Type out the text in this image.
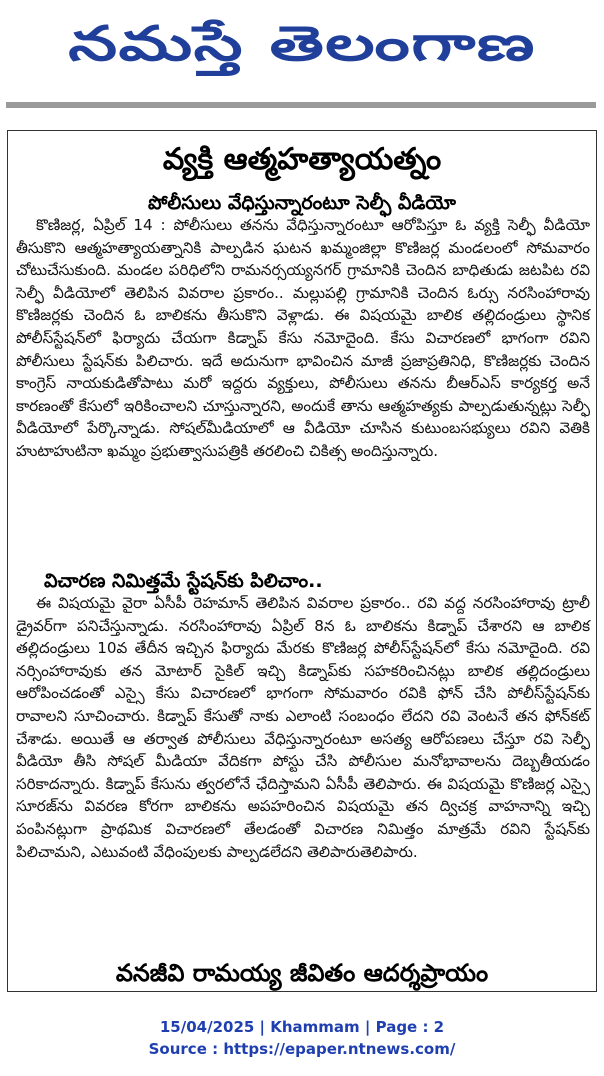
నమస్తే తెలంగాణ
వ్యక్తి ఆత్మహత్యాయత్నం
పోలీసులు వేధిస్తున్నారంటూ సెల్ఫీ వీడియో

కొణిజర్ల, ఏప్రిల్ 14 : పోలీసులు తనను వేధిస్తున్నారంటూ ఆరోపిస్తూ ఓ వ్యక్తి సెల్ఫీ వీడియో తీసుకొని ఆత్మహత్యాయత్నానికి పాల్పడిన ఘటన ఖమ్మంజిల్లా కొణిజర్ల మండలంలో సోమవారం చోటుచేసుకుంది. మండల పరిధిలోని రామనర్సయ్యనగర్ గ్రామానికి చెందిన బాధితుడు జటపిట రవి సెల్ఫీ వీడియోలో తెలిపిన వివరాల ప్రకారం.. మల్లుపల్లి గ్రామానికి చెందిన ఓర్సు నరసింహారావు కొణిజర్లకు చెందిన ఓ బాలికను తీసుకొని వెళ్లాడు. ఈ విషయమై బాలిక తల్లిదండ్రులు స్థానిక పోలీస్‌స్టేషన్‌లో ఫిర్యాదు చేయగా కిడ్నాప్ కేసు నమోదైంది. కేసు విచారణలో భాగంగా రవిని పోలీసులు స్టేషన్‌కు పిలిచారు. ఇదే అదునుగా భావించిన మాజీ ప్రజాప్రతినిధి, కొణిజర్లకు చెందిన కాంగ్రెస్ నాయకుడితోపాటు మరో ఇద్దరు వ్యక్తులు, పోలీసులు తనను బీఆర్ఎస్ కార్యకర్త అనే కారణంతో కేసులో ఇరికించాలని చూస్తున్నారని, అందుకే తాను ఆత్మహత్యకు పాల్పడుతున్నట్లు సెల్ఫీ వీడియోలో పేర్కొన్నాడు. సోషల్‌మీడియాలో ఆ వీడియో చూసిన కుటుంబసభ్యులు రవిని వెతికి హుటాహుటినా ఖమ్మం ప్రభుత్వాసుపత్రికి తరలించి చికిత్స అందిస్తున్నారు.

విచారణ నిమిత్తమే స్టేషన్‌కు పిలిచాం..

ఈ విషయమై వైరా ఏసీపీ రెహమాన్ తెలిపిన వివరాల ప్రకారం.. రవి వద్ద నరసింహారావు ట్రాలీ డ్రైవర్‌గా పనిచేస్తున్నాడు. నరసింహారావు ఏప్రిల్ 8న ఓ బాలికను కిడ్నాప్ చేశారని ఆ బాలిక తల్లిదండ్రులు 10వ తేదీన ఇచ్చిన ఫిర్యాదు మేరకు కొణిజర్ల పోలీస్‌స్టేషన్‌లో కేసు నమోదైంది. రవి నర్సింహారావుకు తన మోటార్ సైకిల్ ఇచ్చి కిడ్నాప్‌కు సహకరించినట్లు బాలిక తల్లిదండ్రులు ఆరోపించడంతో ఎస్సై కేసు విచారణలో భాగంగా సోమవారం రవికి ఫోన్ చేసి పోలీస్‌స్టేషన్‌కు రావాలని సూచించారు. కిడ్నాప్ కేసుతో నాకు ఎలాంటి సంబంధం లేదని రవి వెంటనే తన ఫోన్‌కట్ చేశాడు. అయితే ఆ తర్వాత పోలీసులు వేధిస్తున్నారంటూ అసత్య ఆరోపణలు చేస్తూ రవి సెల్ఫీ వీడియో తీసి సోషల్ మీడియా వేదికగా పోస్టు చేసి పోలీసుల మనోభావాలను దెబ్బతీయడం సరికాదన్నారు. కిడ్నాప్ కేసును త్వరలోనే ఛేదిస్తామని ఏసీపీ తెలిపారు. ఈ విషయమై కొణిజర్ల ఎస్సై సూరజ్‌ను వివరణ కోరగా బాలికను అపహరించిన విషయమై తన ద్విచక్ర వాహనాన్ని ఇచ్చి పంపినట్లుగా ప్రాథమిక విచారణలో తేలడంతో విచారణ నిమిత్తం మాత్రమే రవిని స్టేషన్‌కు పిలిచామని, ఎటువంటి వేధింపులకు పాల్పడలేదని తెలిపారుతెలిపారు.

వనజీవి రామయ్య జీవితం ఆదర్శప్రాయం
15/04/2025 | Khammam | Page : 2
Source : https://epaper.ntnews.com/
